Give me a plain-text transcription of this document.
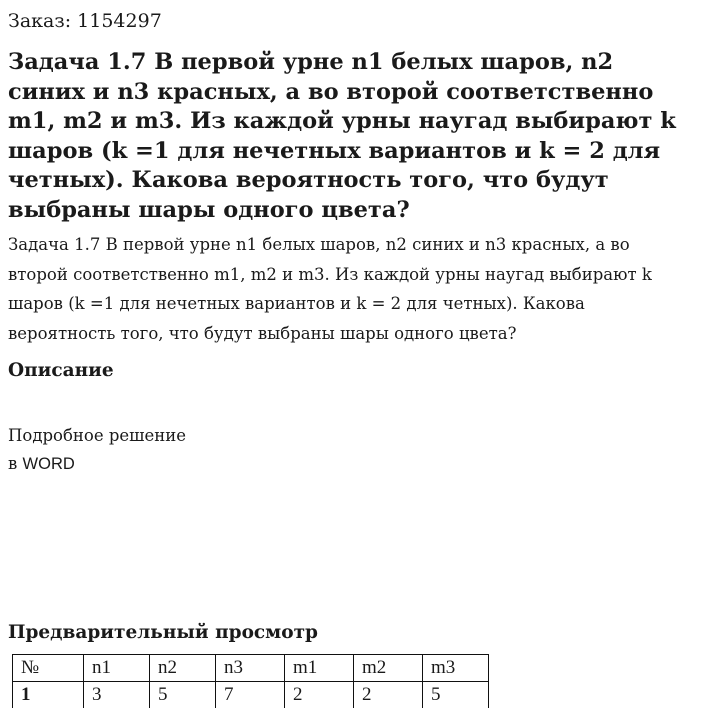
Заказ: 1154297
Задача 1.7 В первой урне n1 белых шаров, n2 синих и n3 красных, а во второй соответственно m1, m2 и m3. Из каждой урны наугад выбирают k шаров (k =1 для нечетных вариантов и k = 2 для четных). Какова вероятность того, что будут выбраны шары одного цвета?

Задача 1.7 В первой урне n1 белых шаров, n2 синих и n3 красных, а во второй соответственно m1, m2 и m3. Из каждой урны наугад выбирают k шаров (k =1 для нечетных вариантов и k = 2 для четных). Какова вероятность того, что будут выбраны шары одного цвета?

Описание
Подробное решение
в WORD
Предварительный просмотр
№	n1	n2	n3	m1	m2	m3
1	3	5	7	2	2	5
